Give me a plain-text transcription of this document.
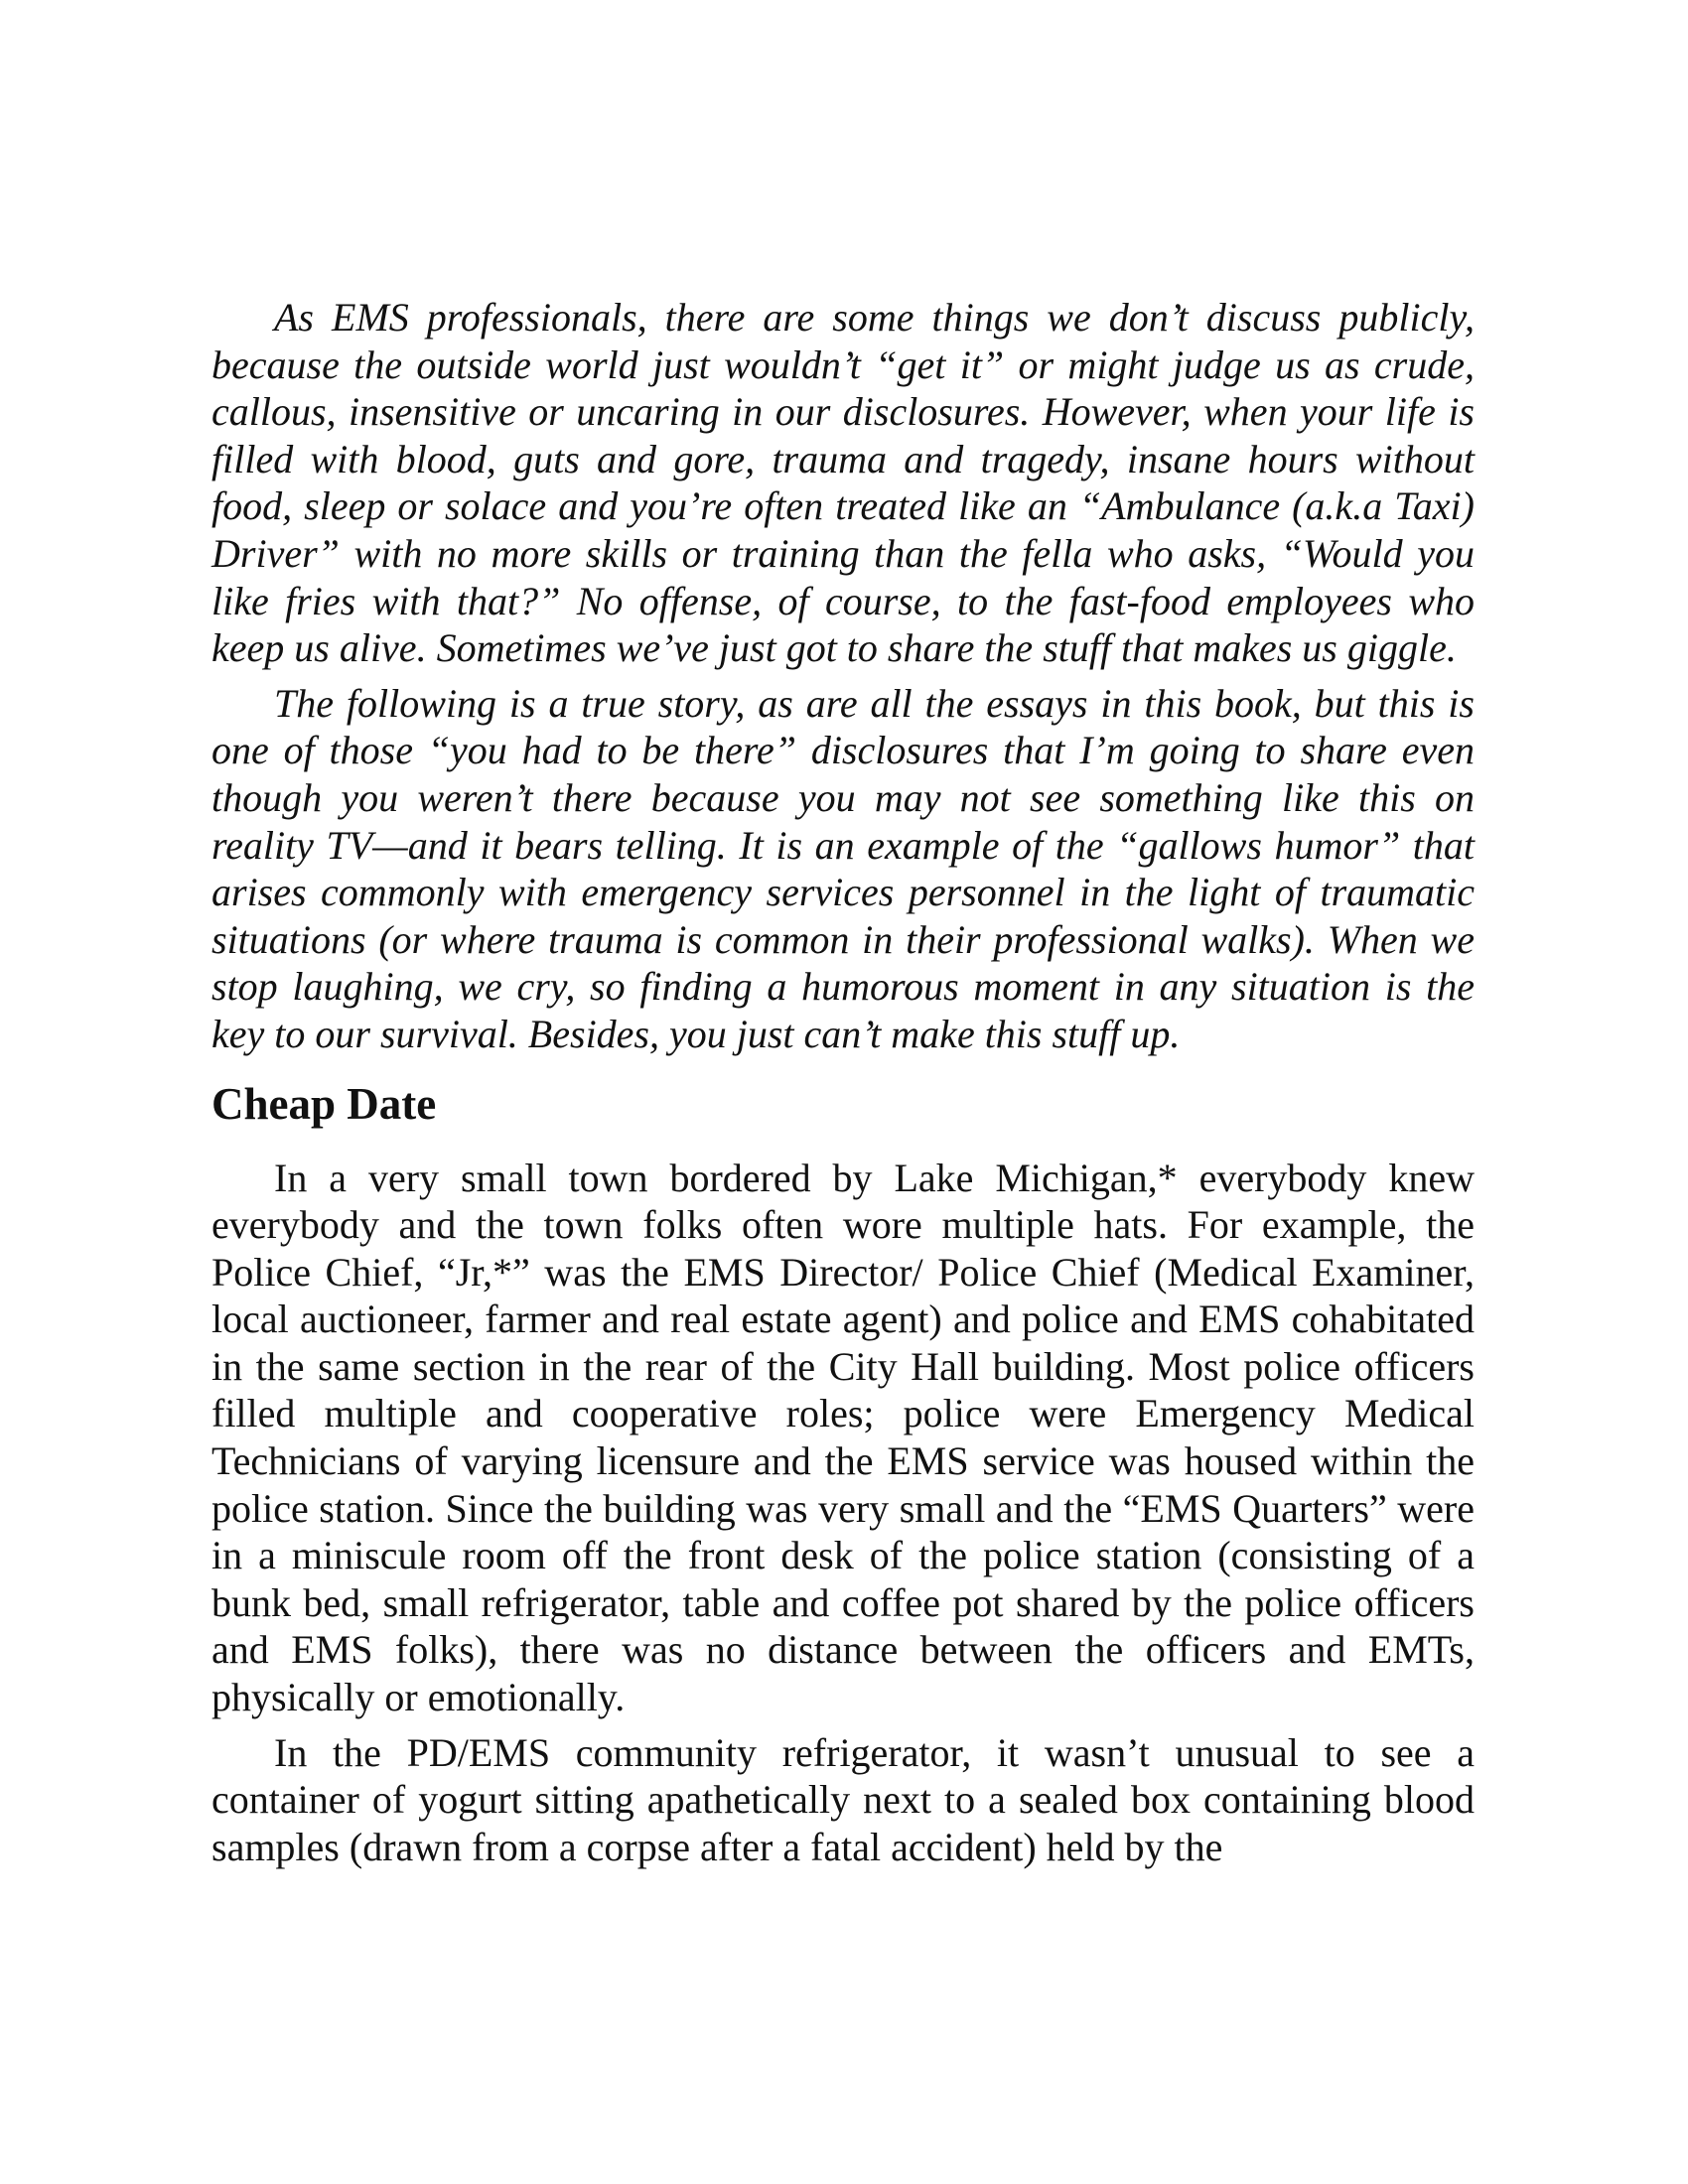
As EMS professionals, there are some things we don’t discuss publicly, because the outside world just wouldn’t “get it” or might judge us as crude, callous, insensitive or uncaring in our disclosures. However, when your life is filled with blood, guts and gore, trauma and tragedy, insane hours without food, sleep or solace and you’re often treated like an “Ambulance (a.k.a Taxi) Driver” with no more skills or training than the fella who asks, “Would you like fries with that?” No offense, of course, to the fast-food employees who keep us alive. Sometimes we’ve just got to share the stuff that makes us giggle.

The following is a true story, as are all the essays in this book, but this is one of those “you had to be there” disclosures that I’m going to share even though you weren’t there because you may not see something like this on reality TV—and it bears telling. It is an example of the “gallows humor” that arises commonly with emergency services personnel in the light of traumatic situations (or where trauma is common in their professional walks). When we stop laughing, we cry, so finding a humorous moment in any situation is the key to our survival. Besides, you just can’t make this stuff up.

Cheap Date

In a very small town bordered by Lake Michigan,* everybody knew everybody and the town folks often wore multiple hats. For example, the Police Chief, “Jr,*” was the EMS Director/ Police Chief (Medical Examiner, local auctioneer, farmer and real estate agent) and police and EMS cohabitated in the same section in the rear of the City Hall building. Most police officers filled multiple and cooperative roles; police were Emergency Medical Technicians of varying licensure and the EMS service was housed within the police station. Since the building was very small and the “EMS Quarters” were in a miniscule room off the front desk of the police station (consisting of a bunk bed, small refrigerator, table and coffee pot shared by the police officers and EMS folks), there was no distance between the officers and EMTs, physically or emotionally.

In the PD/EMS community refrigerator, it wasn’t unusual to see a container of yogurt sitting apathetically next to a sealed box containing blood samples (drawn from a corpse after a fatal accident) held by the
